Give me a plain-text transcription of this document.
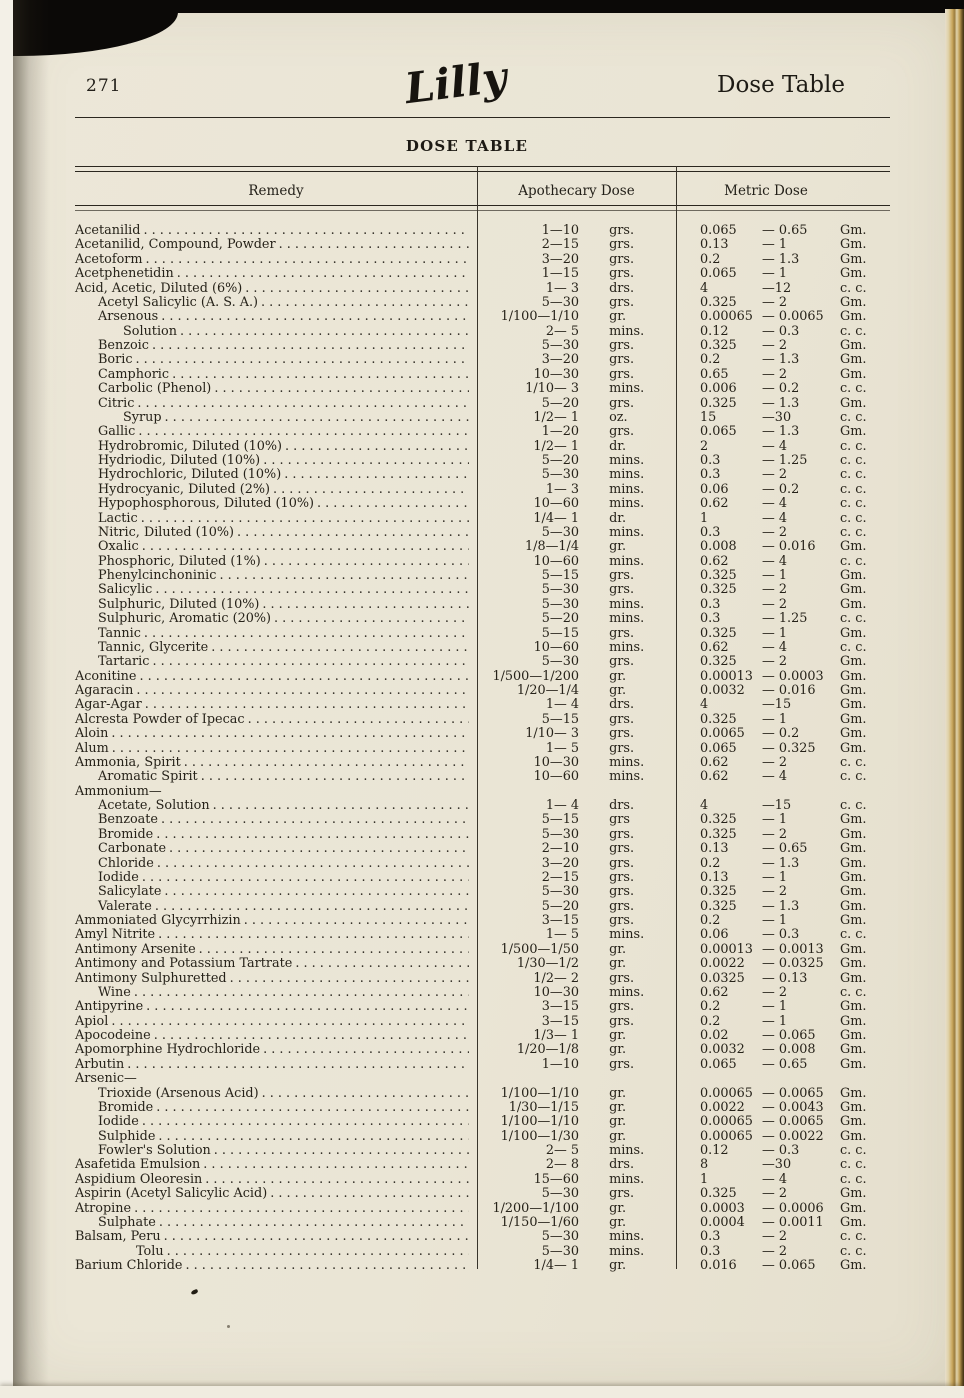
271	Lilly	Dose Table
DOSE TABLE
Remedy	Apothecary Dose	Metric Dose
Acetanilid . . .	1—10 grs.	0.065	— 0.65	Gm.
Acetanilid, Compound, Powder . . .	2—15 grs.	0.13	— 1	Gm.
Acetoform . . .	3—20 grs.	0.2	— 1.3	Gm.
Acetphenetidin . . .	1—15 grs.	0.065	— 1	Gm.
Acid, Acetic, Diluted (6%) . . .	1— 3 drs.	4	—12	c. c.
Acetyl Salicylic (A. S. A.) . . .	5—30 grs.	0.325	— 2	Gm.
Arsenous . . .	1/100—1/10 gr.	0.00065 — 0.0065	Gm.
Solution . . .	2— 5 mins.	0.12	— 0.3	c. c.
Benzoic . . .	5—30 grs.	0.325	— 2	Gm.
Boric . . .	3—20 grs.	0.2	— 1.3	Gm.
Camphoric . . .	10—30 grs.	0.65	— 2	Gm.
Carbolic (Phenol) . . .	1/10— 3 mins.	0.006	— 0.2	c. c.
Citric . . .	5—20 grs.	0.325	— 1.3	Gm.
Syrup . . .	1/2— 1 oz.	15	—30	c. c.
Gallic . . .	1—20 grs.	0.065	— 1.3	Gm.
Hydrobromic, Diluted (10%) . . .	1/2— 1 dr.	2	— 4	c. c.
Hydriodic, Diluted (10%) . . .	5—20 mins.	0.3	— 1.25	c. c.
Hydrochloric, Diluted (10%) . . .	5—30 mins.	0.3	— 2	c. c.
Hydrocyanic, Diluted (2%) . . .	1— 3 mins.	0.06	— 0.2	c. c.
Hypophosphorous, Diluted (10%) . . .	10—60 mins.	0.62	— 4	c. c.
Lactic . . .	1/4— 1 dr.	1	— 4	c. c.
Nitric, Diluted (10%) . . .	5—30 mins.	0.3	— 2	c. c.
Oxalic . . .	1/8—1/4 gr.	0.008	— 0.016	Gm.
Phosphoric, Diluted (1%) . . .	10—60 mins.	0.62	— 4	c. c.
Phenylcinchoninic . . .	5—15 grs.	0.325	— 1	Gm.
Salicylic . . .	5—30 grs.	0.325	— 2	Gm.
Sulphuric, Diluted (10%) . . .	5—30 mins.	0.3	— 2	Gm.
Sulphuric, Aromatic (20%) . . .	5—20 mins.	0.3	— 1.25	c. c.
Tannic . . .	5—15 grs.	0.325	— 1	Gm.
Tannic, Glycerite . . .	10—60 mins.	0.62	— 4	c. c.
Tartaric . . .	5—30 grs.	0.325	— 2	Gm.
Aconitine . . .	1/500—1/200 gr.	0.00013 — 0.0003	Gm.
Agaracin . . .	1/20—1/4 gr.	0.0032	— 0.016	Gm.
Agar-Agar . . .	1— 4 drs.	4	—15	Gm.
Alcresta Powder of Ipecac . . .	5—15 grs.	0.325	— 1	Gm.
Aloin . . .	1/10— 3 grs.	0.0065	— 0.2	Gm.
Alum . . .	1— 5 grs.	0.065	— 0.325	Gm.
Ammonia, Spirit . . .	10—30 mins.	0.62	— 2	c. c.
Aromatic Spirit . . .	10—60 mins.	0.62	— 4	c. c.
Ammonium—

Acetate, Solution . . .	1— 4 drs.	4	—15	c. c.
Benzoate . . .	5—15 grs	0.325	— 1	Gm.
Bromide . . .	5—30 grs.	0.325	— 2	Gm.
Carbonate . . .	2—10 grs.	0.13	— 0.65	Gm.
Chloride . . .	3—20 grs.	0.2	— 1.3	Gm.
Iodide . . .	2—15 grs.	0.13	— 1	Gm.
Salicylate . . .	5—30 grs.	0.325	— 2	Gm.
Valerate . . .	5—20 grs.	0.325	— 1.3	Gm.
Ammoniated Glycyrrhizin . . .	3—15 grs.	0.2	— 1	Gm.
Amyl Nitrite . . .	1— 5 mins.	0.06	— 0.3	c. c.
Antimony Arsenite . . .	1/500—1/50 gr.	0.00013 — 0.0013	Gm.
Antimony and Potassium Tartrate . . .	1/30—1/2 gr.	0.0022	— 0.0325	Gm.
Antimony Sulphuretted . . .	1/2— 2 grs.	0.0325	— 0.13	Gm.
Wine . . .	10—30 mins.	0.62	— 2	c. c.
Antipyrine . . .	3—15 grs.	0.2	— 1	Gm.
Apiol . . .	3—15 grs.	0.2	— 1	Gm.
Apocodeine . . .	1/3— 1 gr.	0.02	— 0.065	Gm.
Apomorphine Hydrochloride . . .	1/20—1/8 gr.	0.0032	— 0.008	Gm.
Arbutin . . .	1—10 grs.	0.065	— 0.65	Gm.
Arsenic—

Trioxide (Arsenous Acid) . . .	1/100—1/10 gr.	0.00065 — 0.0065	Gm.
Bromide . . .	1/30—1/15 gr.	0.0022	— 0.0043	Gm.
Iodide . . .	1/100—1/10 gr.	0.00065 — 0.0065	Gm.
Sulphide . . .	1/100—1/30 gr.	0.00065 — 0.0022	Gm.
Fowler's Solution . . .	2— 5 mins.	0.12	— 0.3	c. c.
Asafetida Emulsion . . .	2— 8 drs.	8	—30	c. c.
Aspidium Oleoresin . . .	15—60 mins.	1	— 4	c. c.
Aspirin (Acetyl Salicylic Acid) . . .	5—30 grs.	0.325	— 2	Gm.
Atropine . . .	1/200—1/100 gr.	0.0003	— 0.0006	Gm.
Sulphate . . .	1/150—1/60 gr.	0.0004	— 0.0011	Gm.
Balsam, Peru . . .	5—30 mins.	0.3	— 2	c. c.
Tolu . . .	5—30 mins.	0.3	— 2	c. c.
Barium Chloride . . .	1/4— 1 gr.	0.016	— 0.065	Gm.
